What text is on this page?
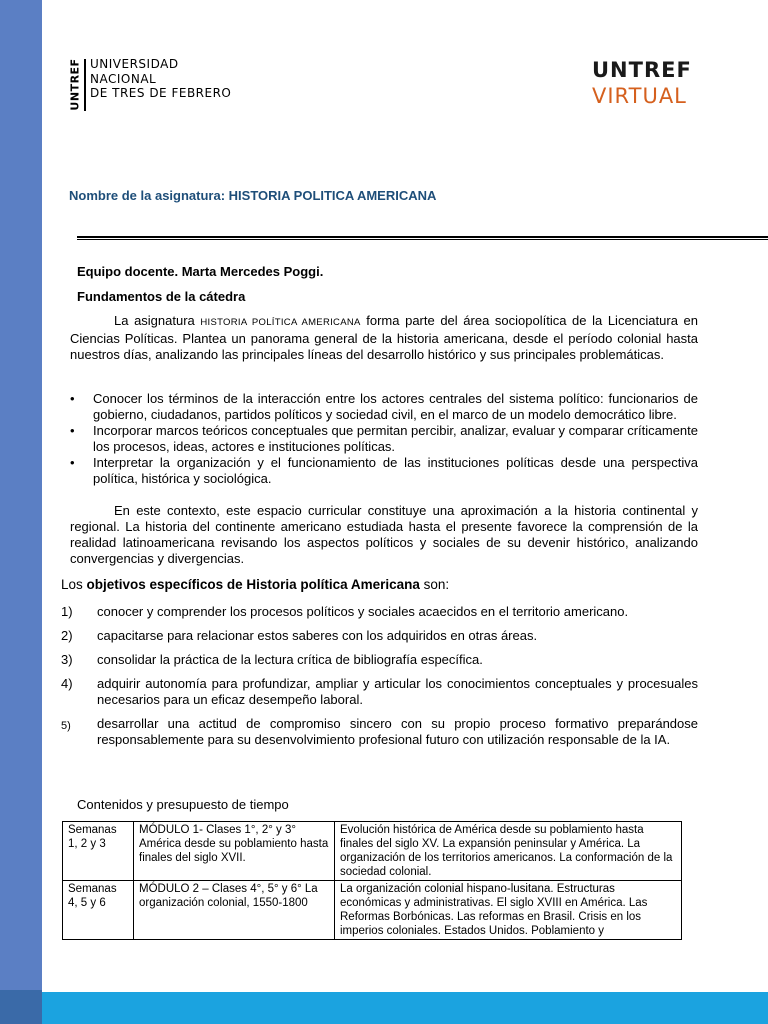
UNTREF UNIVERSIDAD
NACIONAL
DE TRES DE FEBRERO
UNTREF
VIRTUAL
Nombre de la asignatura: HISTORIA POLITICA AMERICANA
Equipo docente. Marta Mercedes Poggi.
Fundamentos de la cátedra
La asignatura HISTORIA POLÍTICA AMERICANA forma parte del área sociopolítica de la Licenciatura en Ciencias Políticas. Plantea un panorama general de la historia americana, desde el período colonial hasta nuestros días, analizando las principales líneas del desarrollo histórico y sus principales problemáticas.
• Conocer los términos de la interacción entre los actores centrales del sistema político: funcionarios de gobierno, ciudadanos, partidos políticos y sociedad civil, en el marco de un modelo democrático libre.
• Incorporar marcos teóricos conceptuales que permitan percibir, analizar, evaluar y comparar críticamente los procesos, ideas, actores e instituciones políticas.
• Interpretar la organización y el funcionamiento de las instituciones políticas desde una perspectiva política, histórica y sociológica.
En este contexto, este espacio curricular constituye una aproximación a la historia continental y regional. La historia del continente americano estudiada hasta el presente favorece la comprensión de la realidad latinoamericana revisando los aspectos políticos y sociales de su devenir histórico, analizando convergencias y divergencias.
Los objetivos específicos de Historia política Americana son:
1) conocer y comprender los procesos políticos y sociales acaecidos en el territorio americano.
2) capacitarse para relacionar estos saberes con los adquiridos en otras áreas.
3) consolidar la práctica de la lectura crítica de bibliografía específica.
4) adquirir autonomía para profundizar, ampliar y articular los conocimientos conceptuales y procesuales necesarios para un eficaz desempeño laboral.
5) desarrollar una actitud de compromiso sincero con su propio proceso formativo preparándose responsablemente para su desenvolvimiento profesional futuro con utilización responsable de la IA.
Contenidos y presupuesto de tiempo
Semanas 1, 2 y 3	MÓDULO 1- Clases 1°, 2° y 3° América desde su poblamiento hasta finales del siglo XVII.	Evolución histórica de América desde su poblamiento hasta finales del siglo XV. La expansión peninsular y América. La organización de los territorios americanos. La conformación de la sociedad colonial.
Semanas 4, 5 y 6	MÓDULO 2 – Clases 4°, 5° y 6° La organización colonial, 1550-1800	La organización colonial hispano-lusitana. Estructuras económicas y administrativas. El siglo XVIII en América. Las Reformas Borbónicas. Las reformas en Brasil. Crisis en los imperios coloniales. Estados Unidos. Poblamiento y
